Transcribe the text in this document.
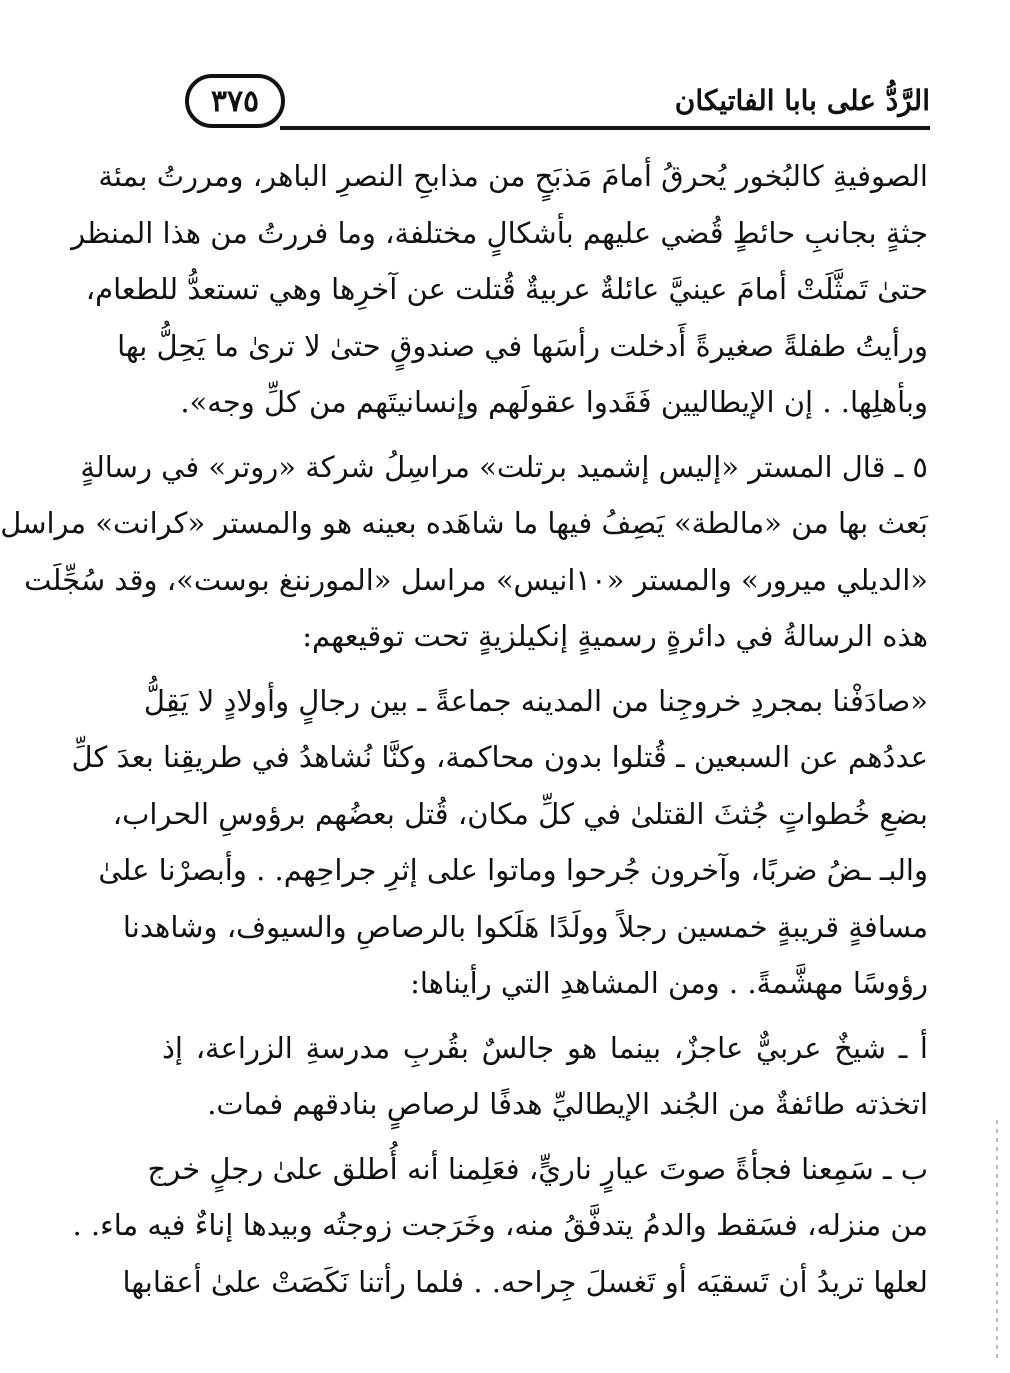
الرَّدُّ على بابا الفاتيكان
٣٧٥

الصوفيةِ كالبُخور يُحرقُ أمامَ مَذبَحٍ من مذابحِ النصرِ الباهر، ومررتُ بمئة
جثةٍ بجانبِ حائطٍ قُضي عليهم بأشكالٍ مختلفة، وما فررتُ من هذا المنظر
حتىٰ تَمثَّلَتْ أمامَ عينيَّ عائلةٌ عربيةٌ قُتلت عن آخرِها وهي تستعدُّ للطعام،
ورأيتُ طفلةً صغيرةً أَدخلت رأسَها في صندوقٍ حتىٰ لا ترىٰ ما يَحِلُّ بها
وبأهلِها. . إن الإيطاليين فَقَدوا عقولَهم وإنسانيتَهم من كلِّ وجه».

٥ ـ قال المستر «إليس إشميد برتلت» مراسِلُ شركة «روتر» في رسالةٍ
بَعث بها من «مالطة» يَصِفُ فيها ما شاهَده بعينه هو والمستر «كرانت» مراسل
«الديلي ميرور» والمستر «١٠انيس» مراسل «المورننغ بوست»، وقد سُجِّلَت
هذه الرسالةُ في دائرةٍ رسميةٍ إنكيلزيةٍ تحت توقيعهم:

«صادَفْنا بمجردِ خروجِنا من المدينه جماعةً ـ بين رجالٍ وأولادٍ لا يَقِلُّ
عددُهم عن السبعين ـ قُتلوا بدون محاكمة، وكنَّا نُشاهدُ في طريقِنا بعدَ كلِّ
بضعِ خُطواتٍ جُثثَ القتلىٰ في كلِّ مكان، قُتل بعضُهم برؤوسِ الحراب،
والبـ ـضُ ضربًا، وآخرون جُرحوا وماتوا على إثرِ جراحِهم. . وأبصرْنا علىٰ
مسافةٍ قريبةٍ خمسين رجلاً وولَدًا هَلَكوا بالرصاصِ والسيوف، وشاهدنا
رؤوسًا مهشَّمةً. . ومن المشاهدِ التي رأيناها:

أ ـ شيخٌ عربيٌّ عاجزٌ، بينما هو جالسٌ بقُربِ مدرسةِ الزراعة، إذ
اتخذته طائفةٌ من الجُند الإيطاليِّ هدفًا لرصاصٍ بنادقهم فمات.

ب ـ سَمِعنا فجأةً صوتَ عيارٍ ناريٍّ، فعَلِمنا أنه أُطلق علىٰ رجلٍ خرج
من منزله، فسَقط والدمُ يتدفَّقُ منه، وخَرَجت زوجتُه وبيدها إناءٌ فيه ماء. .
لعلها تريدُ أن تَسقيَه أو تَغسلَ جِراحه. . فلما رأتنا نَكَصَتْ علىٰ أعقابها
